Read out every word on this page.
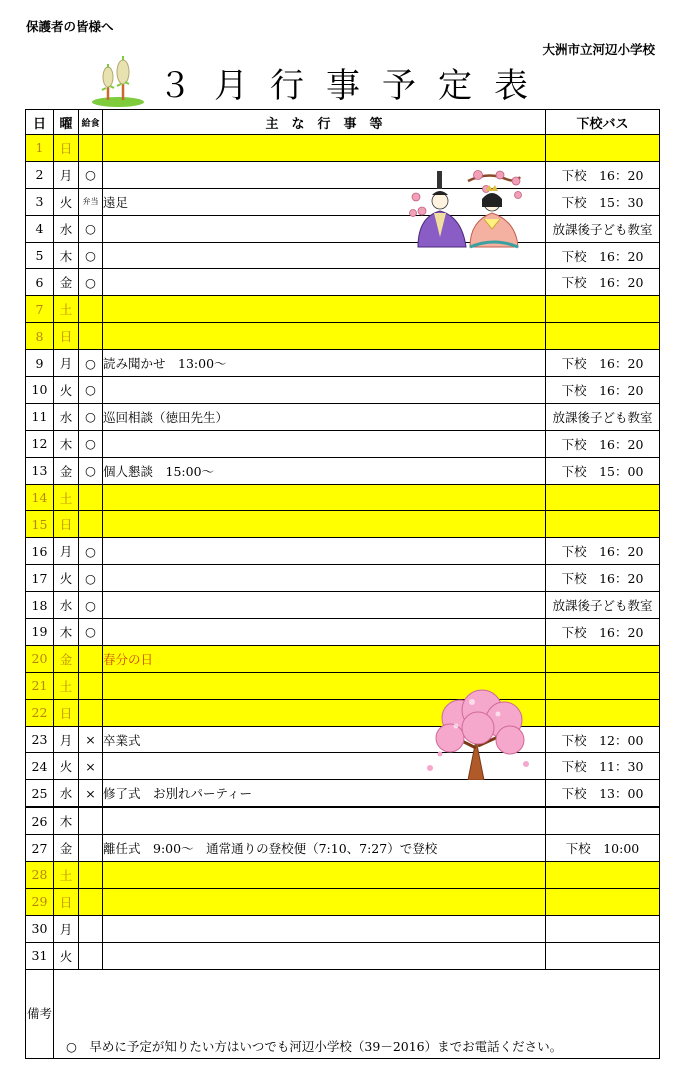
保護者の皆様へ
大洲市立河辺小学校
３月行事予定表
日	曜	給食	主　な　行　事　等	下校バス
1	日			
2	月	○		下校　16：20
3	火	弁当	遠足	下校　15：30
4	水	○		放課後子ども教室
5	木	○		下校　16：20
6	金	○		下校　16：20
7	土			
8	日			
9	月	○	読み聞かせ　13:00～	下校　16：20
10	火	○		下校　16：20
11	水	○	巡回相談（徳田先生）	放課後子ども教室
12	木	○		下校　16：20
13	金	○	個人懇談　15:00～	下校　15：00
14	土			
15	日			
16	月	○		下校　16：20
17	火	○		下校　16：20
18	水	○		放課後子ども教室
19	木	○		下校　16：20
20	金		春分の日	
21	土			
22	日			
23	月	×	卒業式	下校　12：00
24	火	×		下校　11：30
25	水	×	修了式　お別れパーティー	下校　13：00
26	木			
27	金		離任式　9:00～　通常通りの登校便（7:10、7:27）で登校	下校　10:00
28	土			
29	日			
30	月			
31	火			
備考	○　早めに予定が知りたい方はいつでも河辺小学校（39－2016）までお電話ください。			
